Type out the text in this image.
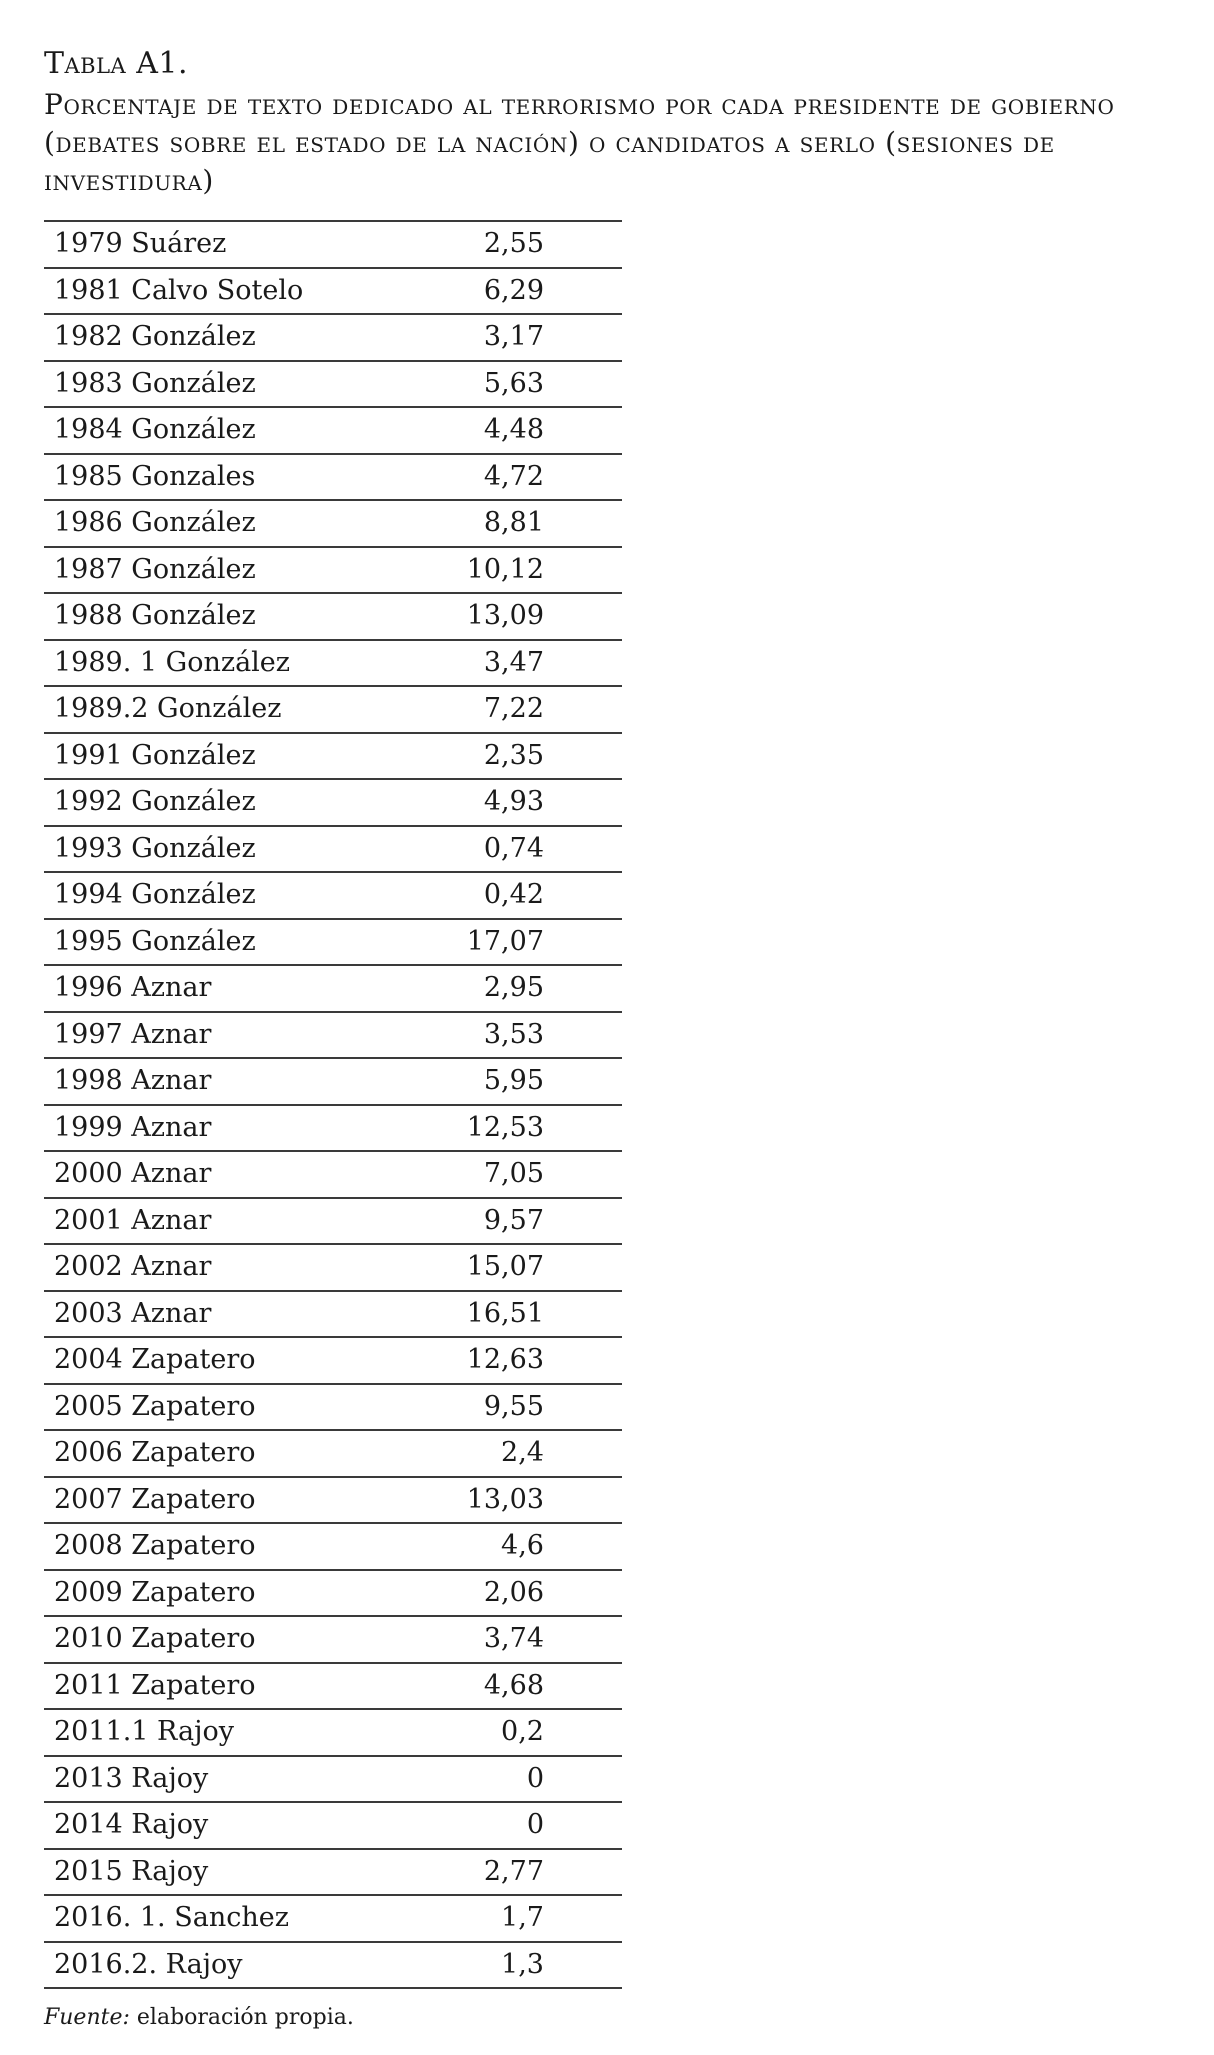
Tabla A1.
Porcentaje de texto dedicado al terrorismo por cada presidente de gobierno (debates sobre el estado de la nación) o candidatos a serlo (sesiones de investidura)
1979 Suárez	2,55
1981 Calvo Sotelo	6,29
1982 González	3,17
1983 González	5,63
1984 González	4,48
1985 Gonzales	4,72
1986 González	8,81
1987 González	10,12
1988 González	13,09
1989. 1 González	3,47
1989.2 González	7,22
1991 González	2,35
1992 González	4,93
1993 González	0,74
1994 González	0,42
1995 González	17,07
1996 Aznar	2,95
1997 Aznar	3,53
1998 Aznar	5,95
1999 Aznar	12,53
2000 Aznar	7,05
2001 Aznar	9,57
2002 Aznar	15,07
2003 Aznar	16,51
2004 Zapatero	12,63
2005 Zapatero	9,55
2006 Zapatero	2,4
2007 Zapatero	13,03
2008 Zapatero	4,6
2009 Zapatero	2,06
2010 Zapatero	3,74
2011 Zapatero	4,68
2011.1 Rajoy	0,2
2013 Rajoy	0
2014 Rajoy	0
2015 Rajoy	2,77
2016. 1. Sanchez	1,7
2016.2. Rajoy	1,3
Fuente: elaboración propia.
